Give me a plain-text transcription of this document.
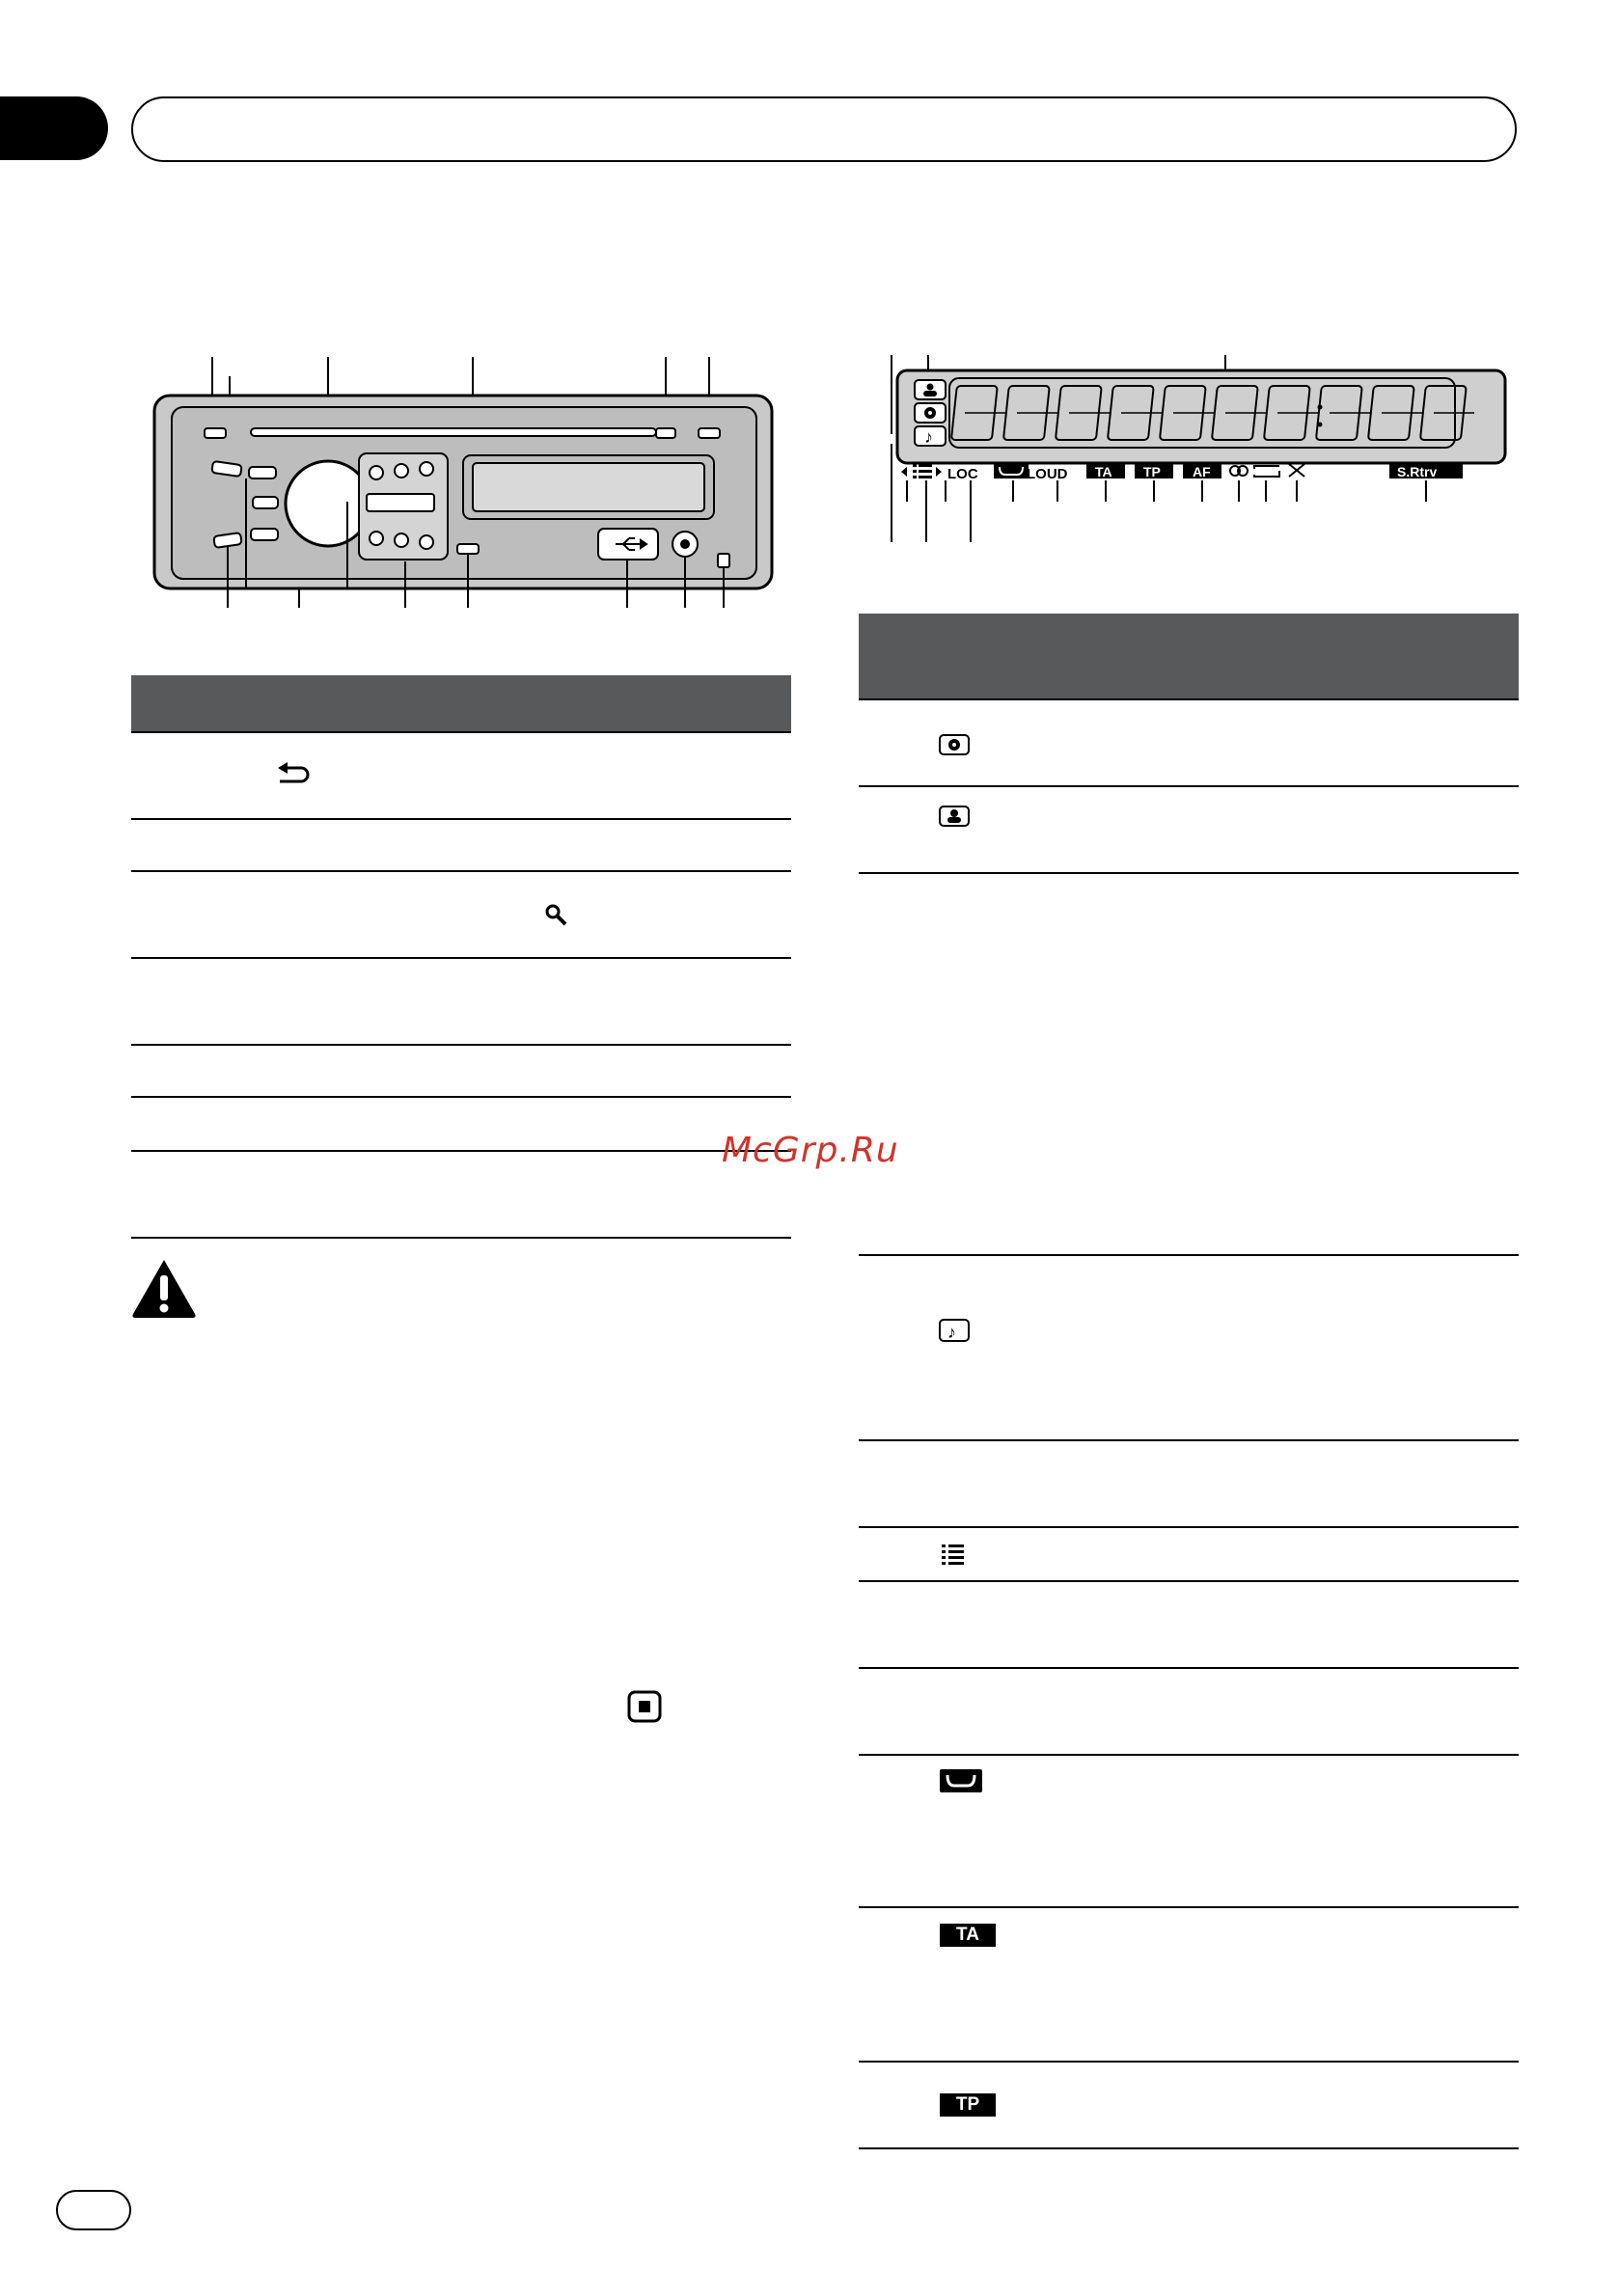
♪
LOC	LOUD TA TP AF	S.Rtrv
McGrp.Ru
♪
TA
TP
